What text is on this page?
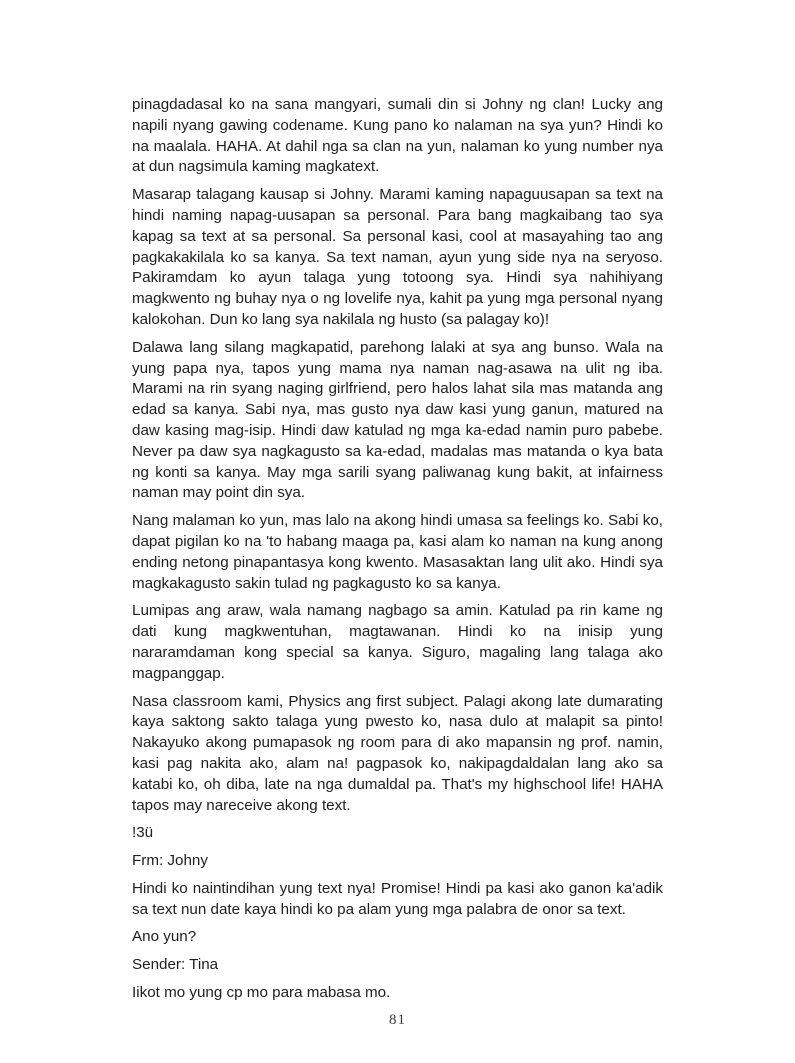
pinagdadasal ko na sana mangyari, sumali din si Johny ng clan! Lucky ang napili nyang gawing codename. Kung pano ko nalaman na sya yun? Hindi ko na maalala. HAHA. At dahil nga sa clan na yun, nalaman ko yung number nya at dun nagsimula kaming magkatext.

Masarap talagang kausap si Johny. Marami kaming napaguusapan sa text na hindi naming napag-uusapan sa personal. Para bang magkaibang tao sya kapag sa text at sa personal. Sa personal kasi, cool at masayahing tao ang pagkakakilala ko sa kanya. Sa text naman, ayun yung side nya na seryoso. Pakiramdam ko ayun talaga yung totoong sya. Hindi sya nahihiyang magkwento ng buhay nya o ng lovelife nya, kahit pa yung mga personal nyang kalokohan. Dun ko lang sya nakilala ng husto (sa palagay ko)!

Dalawa lang silang magkapatid, parehong lalaki at sya ang bunso. Wala na yung papa nya, tapos yung mama nya naman nag-asawa na ulit ng iba. Marami na rin syang naging girlfriend, pero halos lahat sila mas matanda ang edad sa kanya. Sabi nya, mas gusto nya daw kasi yung ganun, matured na daw kasing mag-isip. Hindi daw katulad ng mga ka-edad namin puro pabebe. Never pa daw sya nagkagusto sa ka-edad, madalas mas matanda o kya bata ng konti sa kanya. May mga sarili syang paliwanag kung bakit, at infairness naman may point din sya.

Nang malaman ko yun, mas lalo na akong hindi umasa sa feelings ko. Sabi ko, dapat pigilan ko na 'to habang maaga pa, kasi alam ko naman na kung anong ending netong pinapantasya kong kwento. Masasaktan lang ulit ako. Hindi sya magkakagusto sakin tulad ng pagkagusto ko sa kanya.

Lumipas ang araw, wala namang nagbago sa amin. Katulad pa rin kame ng dati kung magkwentuhan, magtawanan. Hindi ko na inisip yung nararamdaman kong special sa kanya. Siguro, magaling lang talaga ako magpanggap.

Nasa classroom kami, Physics ang first subject. Palagi akong late dumarating kaya saktong sakto talaga yung pwesto ko, nasa dulo at malapit sa pinto! Nakayuko akong pumapasok ng room para di ako mapansin ng prof. namin, kasi pag nakita ako, alam na! pagpasok ko, nakipagdaldalan lang ako sa katabi ko, oh diba, late na nga dumaldal pa. That's my highschool life! HAHA tapos may nareceive akong text.

!3ü

Frm: Johny

Hindi ko naintindihan yung text nya! Promise! Hindi pa kasi ako ganon ka'adik sa text nun date kaya hindi ko pa alam yung mga palabra de onor sa text.

Ano yun?

Sender: Tina

Iikot mo yung cp mo para mabasa mo.

81
